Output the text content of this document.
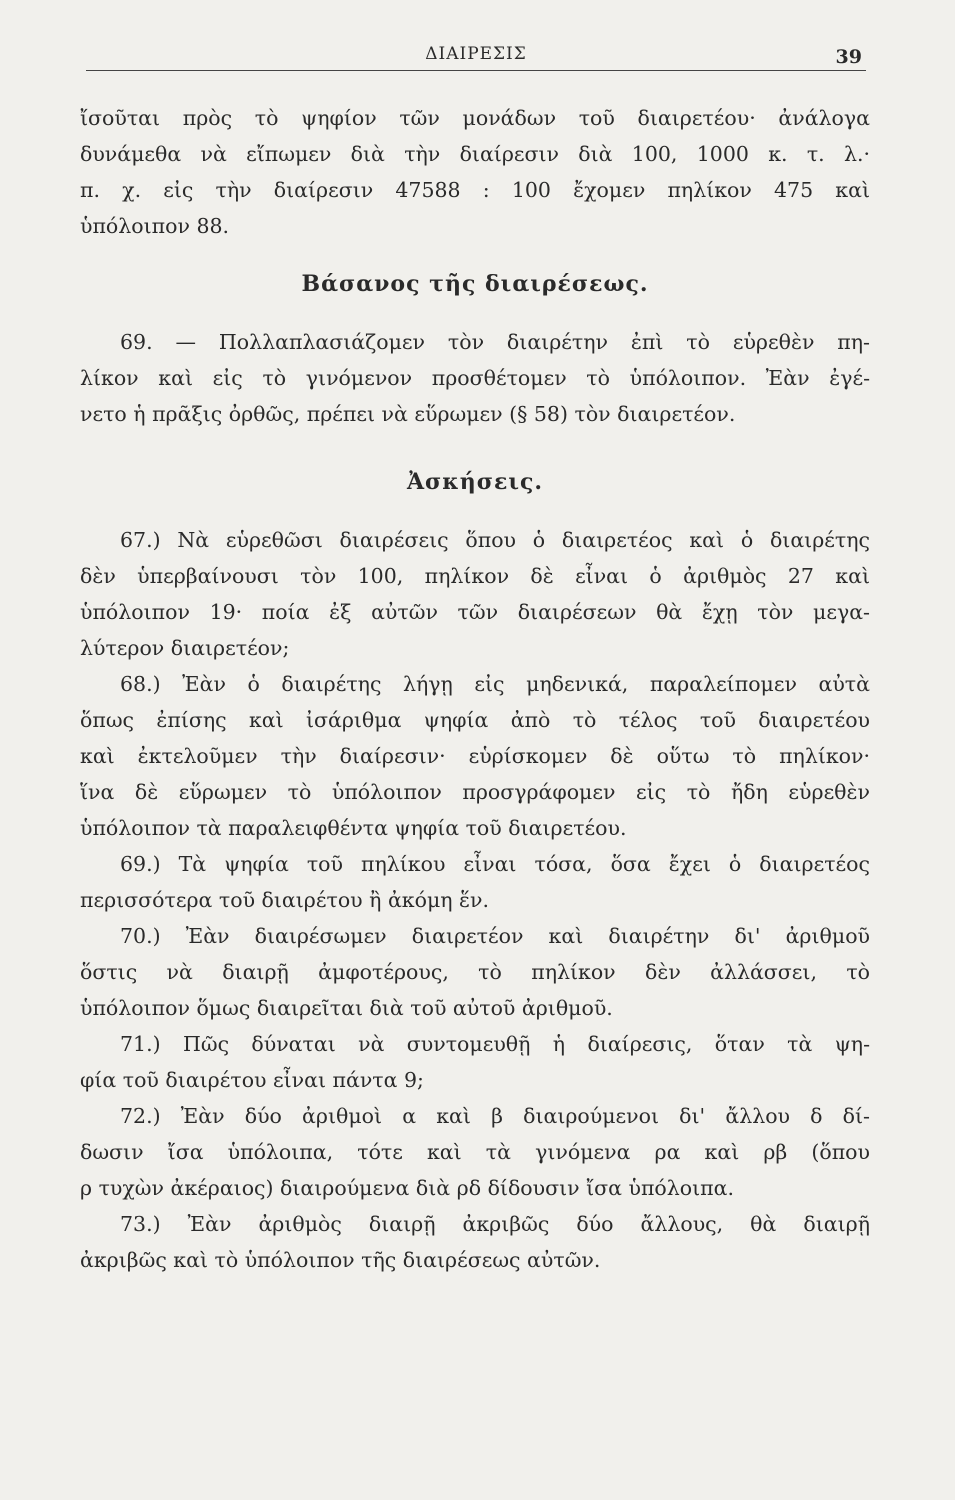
ΔΙΑΙΡΕΣΙΣ	39
ἴσοῦται πρὸς τὸ ψηφίον τῶν μονάδων τοῦ διαιρετέου· ἀνάλογα
δυνάμεθα νὰ εἴπωμεν διὰ τὴν διαίρεσιν διὰ 100, 1000 κ. τ. λ.·
π. χ. εἰς τὴν διαίρεσιν 47588 : 100 ἔχομεν πηλίκον 475 καὶ
ὑπόλοιπον 88.
Βάσανος τῆς διαιρέσεως.
69. — Πολλαπλασιάζομεν τὸν διαιρέτην ἐπὶ τὸ εὑρεθὲν πη-
λίκον καὶ εἰς τὸ γινόμενον προσθέτομεν τὸ ὑπόλοιπον. Ἐὰν ἐγέ-
νετο ἡ πρᾶξις ὀρθῶς, πρέπει νὰ εὕρωμεν (§ 58) τὸν διαιρετέον.
Ἀσκήσεις.
67.) Νὰ εὑρεθῶσι διαιρέσεις ὅπου ὁ διαιρετέος καὶ ὁ διαιρέτης
δὲν ὑπερβαίνουσι τὸν 100, πηλίκον δὲ εἶναι ὁ ἀριθμὸς 27 καὶ
ὑπόλοιπον 19· ποία ἐξ αὐτῶν τῶν διαιρέσεων θὰ ἔχῃ τὸν μεγα-
λύτερον διαιρετέον;
68.) Ἐὰν ὁ διαιρέτης λήγῃ εἰς μηδενικά, παραλείπομεν αὐτὰ
ὅπως ἐπίσης καὶ ἰσάριθμα ψηφία ἀπὸ τὸ τέλος τοῦ διαιρετέου
καὶ ἐκτελοῦμεν τὴν διαίρεσιν· εὑρίσκομεν δὲ οὕτω τὸ πηλίκον·
ἵνα δὲ εὕρωμεν τὸ ὑπόλοιπον προσγράφομεν εἰς τὸ ἤδη εὑρεθὲν
ὑπόλοιπον τὰ παραλειφθέντα ψηφία τοῦ διαιρετέου.
69.) Τὰ ψηφία τοῦ πηλίκου εἶναι τόσα, ὅσα ἔχει ὁ διαιρετέος
περισσότερα τοῦ διαιρέτου ἢ ἀκόμη ἕν.
70.) Ἐὰν διαιρέσωμεν διαιρετέον καὶ διαιρέτην δι' ἀριθμοῦ
ὅστις νὰ διαιρῇ ἀμφοτέρους, τὸ πηλίκον δὲν ἀλλάσσει, τὸ
ὑπόλοιπον ὅμως διαιρεῖται διὰ τοῦ αὐτοῦ ἀριθμοῦ.
71.) Πῶς δύναται νὰ συντομευθῇ ἡ διαίρεσις, ὅταν τὰ ψη-
φία τοῦ διαιρέτου εἶναι πάντα 9;
72.) Ἐὰν δύο ἀριθμοὶ α καὶ β διαιρούμενοι δι' ἄλλου δ δί-
δωσιν ἴσα ὑπόλοιπα, τότε καὶ τὰ γινόμενα ρα καὶ ρβ (ὅπου
ρ τυχὼν ἀκέραιος) διαιρούμενα διὰ ρδ δίδουσιν ἴσα ὑπόλοιπα.
73.) Ἐὰν ἀριθμὸς διαιρῇ ἀκριβῶς δύο ἄλλους, θὰ διαιρῇ
ἀκριβῶς καὶ τὸ ὑπόλοιπον τῆς διαιρέσεως αὐτῶν.
